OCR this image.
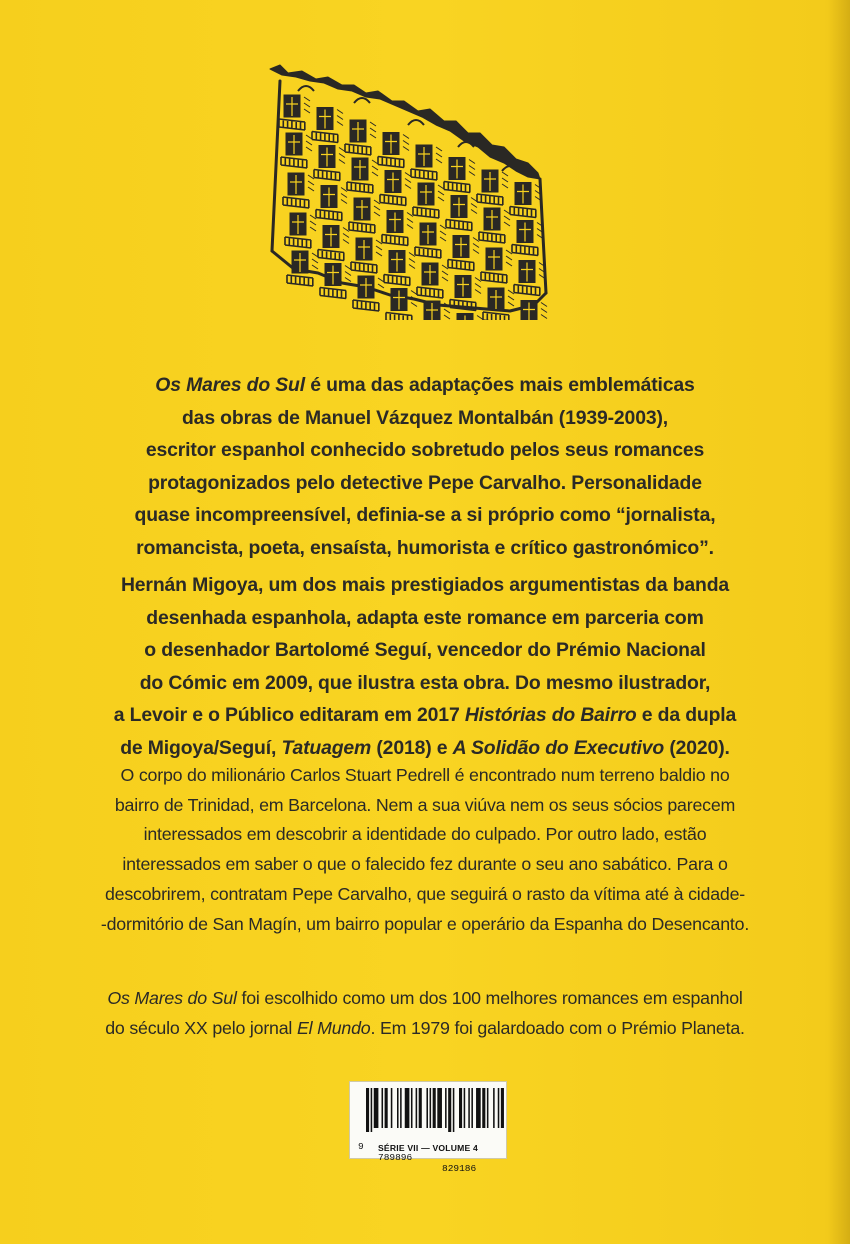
Os Mares do Sul é uma das adaptações mais emblemáticas
das obras de Manuel Vázquez Montalbán (1939-2003),
escritor espanhol conhecido sobretudo pelos seus romances
protagonizados pelo detective Pepe Carvalho. Personalidade
quase incompreensível, definia-se a si próprio como “jornalista,
romancista, poeta, ensaísta, humorista e crítico gastronómico”.
Hernán Migoya, um dos mais prestigiados argumentistas da banda
desenhada espanhola, adapta este romance em parceria com
o desenhador Bartolomé Seguí, vencedor do Prémio Nacional
do Cómic em 2009, que ilustra esta obra. Do mesmo ilustrador,
a Levoir e o Público editaram em 2017 Histórias do Bairro e da dupla
de Migoya/Seguí, Tatuagem (2018) e A Solidão do Executivo (2020).
O corpo do milionário Carlos Stuart Pedrell é encontrado num terreno baldio no
bairro de Trinidad, em Barcelona. Nem a sua viúva nem os seus sócios parecem
interessados em descobrir a identidade do culpado. Por outro lado, estão
interessados em saber o que o falecido fez durante o seu ano sabático. Para o
descobrirem, contratam Pepe Carvalho, que seguirá o rasto da vítima até à cidade-
-dormitório de San Magín, um bairro popular e operário da Espanha do Desencanto.
Os Mares do Sul foi escolhido como um dos 100 melhores romances em espanhol
do século XX pelo jornal El Mundo. Em 1979 foi galardoado com o Prémio Planeta.

9

789896

829186

SÉRIE VII — VOLUME 4
